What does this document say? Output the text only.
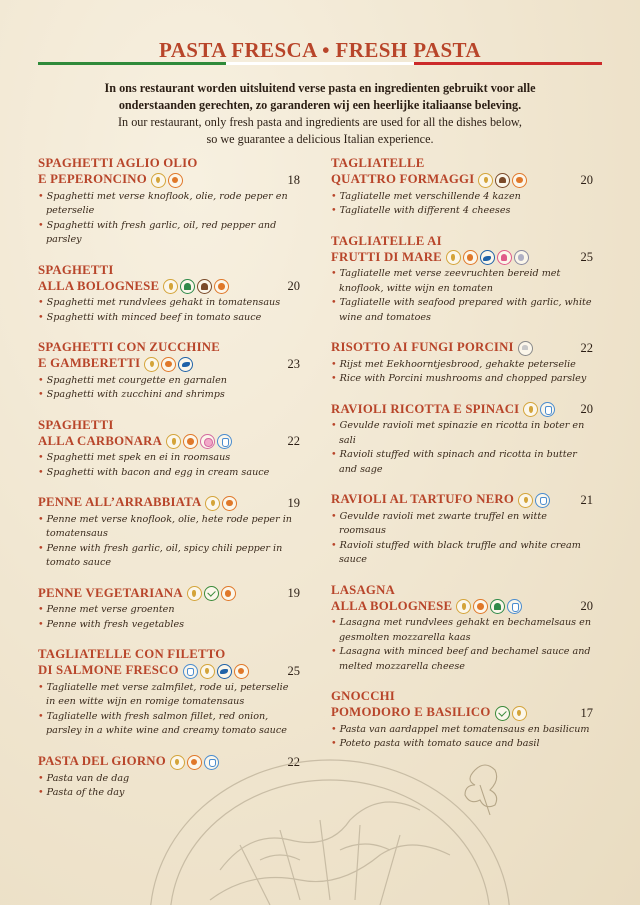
PASTA FRESCA • FRESH PASTA
In ons restaurant worden uitsluitend verse pasta en ingredienten gebruikt voor alle
onderstaanden gerechten, zo garanderen wij een heerlijke italiaanse beleving.
In our restaurant, only fresh pasta and ingredients are used for all the dishes below,
so we guarantee a delicious Italian experience.
SPAGHETTI AGLIO OLIO
E PEPERONCINO	18

• Spaghetti met verse knoflook, olie, rode peper en peterselie

• Spaghetti with fresh garlic, oil, red pepper and parsley

SPAGHETTI
ALLA BOLOGNESE	20

• Spaghetti met rundvlees gehakt in tomatensaus

• Spaghetti with minced beef in tomato sauce

SPAGHETTI CON ZUCCHINE
E GAMBERETTI	23

• Spaghetti met courgette en garnalen

• Spaghetti with zucchini and shrimps

SPAGHETTI
ALLA CARBONARA	22

• Spaghetti met spek en ei in roomsaus

• Spaghetti with bacon and egg in cream sauce

PENNE ALL’ARRABBIATA	19

• Penne met verse knoflook, olie, hete rode peper in tomatensaus

• Penne with fresh garlic, oil, spicy chili pepper in tomato sauce

PENNE VEGETARIANA	19

• Penne met verse groenten

• Penne with fresh vegetables

TAGLIATELLE CON FILETTO
DI SALMONE FRESCO	25

• Tagliatelle met verse zalmfilet, rode ui, peterselie in een witte wijn en romige tomatensaus

• Tagliatelle with fresh salmon fillet, red onion, parsley in a white wine and creamy tomato sauce

PASTA DEL GIORNO	22

• Pasta van de dag

• Pasta of the day

TAGLIATELLE
QUATTRO FORMAGGI	20

• Tagliatelle met verschillende 4 kazen

• Tagliatelle with different 4 cheeses

TAGLIATELLE AI
FRUTTI DI MARE	25

• Tagliatelle met verse zeevruchten bereid met knoflook, witte wijn en tomaten

• Tagliatelle with seafood prepared with garlic, white wine and tomatoes

RISOTTO AI FUNGI PORCINI	22

• Rijst met Eekhoorntjesbrood, gehakte peterselie

• Rice with Porcini mushrooms and chopped parsley

RAVIOLI RICOTTA E SPINACI	20

• Gevulde ravioli met spinazie en ricotta in boter en sali

• Ravioli stuffed with spinach and ricotta in butter and sage

RAVIOLI AL TARTUFO NERO	21

• Gevulde ravioli met zwarte truffel en witte roomsaus

• Ravioli stuffed with black truffle and white cream sauce

LASAGNA
ALLA BOLOGNESE	20

• Lasagna met rundvlees gehakt en bechamelsaus en gesmolten mozzarella kaas

• Lasagna with minced beef and bechamel sauce and melted mozzarella cheese

GNOCCHI
POMODORO E BASILICO	17

• Pasta van aardappel met tomatensaus en basilicum

• Poteto pasta with tomato sauce and basil
